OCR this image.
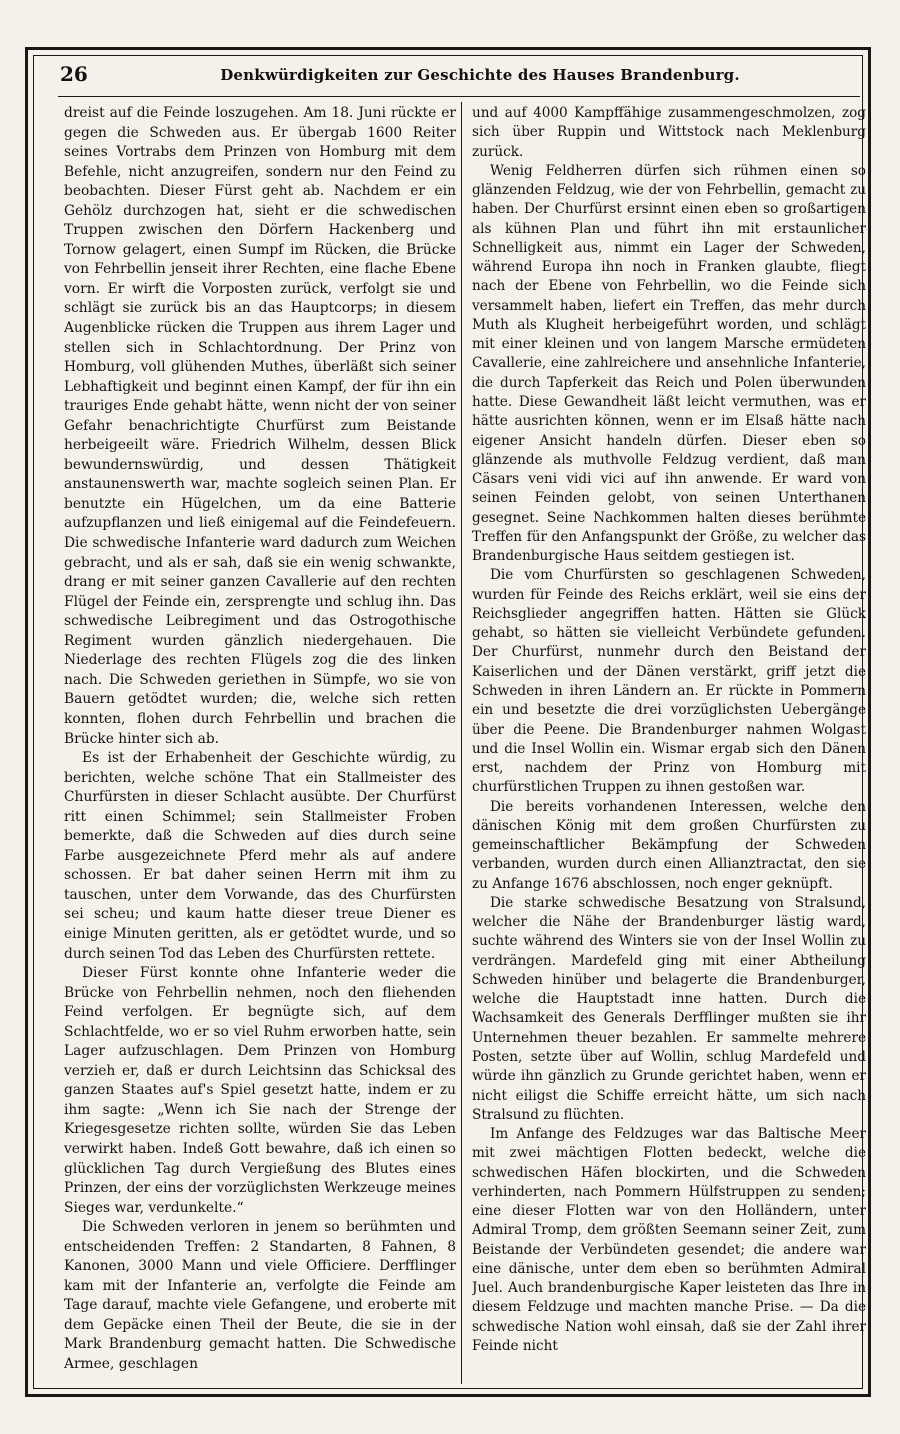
26	Denkwürdigkeiten zur Geschichte des Hauses Brandenburg.

dreist auf die Feinde loszugehen. Am 18. Juni rückte er gegen die Schweden aus. Er übergab 1600 Reiter seines Vortrabs dem Prinzen von Homburg mit dem Befehle, nicht anzugreifen, sondern nur den Feind zu beobachten. Dieser Fürst geht ab. Nachdem er ein Gehölz durchzogen hat, sieht er die schwedischen Truppen zwischen den Dörfern Hackenberg und Tornow gelagert, einen Sumpf im Rücken, die Brücke von Fehrbellin jenseit ihrer Rechten, eine flache Ebene vorn. Er wirft die Vorposten zurück, verfolgt sie und schlägt sie zurück bis an das Hauptcorps; in diesem Augenblicke rücken die Truppen aus ihrem Lager und stellen sich in Schlachtordnung. Der Prinz von Homburg, voll glühenden Muthes, überläßt sich seiner Lebhaftigkeit und beginnt einen Kampf, der für ihn ein trauriges Ende gehabt hätte, wenn nicht der von seiner Gefahr benachrichtigte Churfürst zum Beistande herbeigeeilt wäre. Friedrich Wilhelm, dessen Blick bewundernswürdig, und dessen Thätigkeit anstaunenswerth war, machte sogleich seinen Plan. Er benutzte ein Hügelchen, um da eine Batterie aufzupflanzen und ließ einigemal auf die Feindefeuern. Die schwedische Infanterie ward dadurch zum Weichen gebracht, und als er sah, daß sie ein wenig schwankte, drang er mit seiner ganzen Cavallerie auf den rechten Flügel der Feinde ein, zersprengte und schlug ihn. Das schwedische Leibregiment und das Ostrogothische Regiment wurden gänzlich niedergehauen. Die Niederlage des rechten Flügels zog die des linken nach. Die Schweden geriethen in Sümpfe, wo sie von Bauern getödtet wurden; die, welche sich retten konnten, flohen durch Fehrbellin und brachen die Brücke hinter sich ab.

Es ist der Erhabenheit der Geschichte würdig, zu berichten, welche schöne That ein Stallmeister des Churfürsten in dieser Schlacht ausübte. Der Churfürst ritt einen Schimmel; sein Stallmeister Froben bemerkte, daß die Schweden auf dies durch seine Farbe ausgezeichnete Pferd mehr als auf andere schossen. Er bat daher seinen Herrn mit ihm zu tauschen, unter dem Vorwande, das des Churfürsten sei scheu; und kaum hatte dieser treue Diener es einige Minuten geritten, als er getödtet wurde, und so durch seinen Tod das Leben des Churfürsten rettete.

Dieser Fürst konnte ohne Infanterie weder die Brücke von Fehrbellin nehmen, noch den fliehenden Feind verfolgen. Er begnügte sich, auf dem Schlachtfelde, wo er so viel Ruhm erworben hatte, sein Lager aufzuschlagen. Dem Prinzen von Homburg verzieh er, daß er durch Leichtsinn das Schicksal des ganzen Staates auf's Spiel gesetzt hatte, indem er zu ihm sagte: „Wenn ich Sie nach der Strenge der Kriegesgesetze richten sollte, würden Sie das Leben verwirkt haben. Indeß Gott bewahre, daß ich einen so glücklichen Tag durch Vergießung des Blutes eines Prinzen, der eins der vorzüglichsten Werkzeuge meines Sieges war, verdunkelte.“

Die Schweden verloren in jenem so berühmten und entscheidenden Treffen: 2 Standarten, 8 Fahnen, 8 Kanonen, 3000 Mann und viele Officiere. Derfflinger kam mit der Infanterie an, verfolgte die Feinde am Tage darauf, machte viele Gefangene, und eroberte mit dem Gepäcke einen Theil der Beute, die sie in der Mark Brandenburg gemacht hatten. Die Schwedische Armee, geschlagen

und auf 4000 Kampffähige zusammengeschmolzen, zog sich über Ruppin und Wittstock nach Meklenburg zurück.

Wenig Feldherren dürfen sich rühmen einen so glänzenden Feldzug, wie der von Fehrbellin, gemacht zu haben. Der Churfürst ersinnt einen eben so großartigen als kühnen Plan und führt ihn mit erstaunlicher Schnelligkeit aus, nimmt ein Lager der Schweden, während Europa ihn noch in Franken glaubte, fliegt nach der Ebene von Fehrbellin, wo die Feinde sich versammelt haben, liefert ein Treffen, das mehr durch Muth als Klugheit herbeigeführt worden, und schlägt mit einer kleinen und von langem Marsche ermüdeten Cavallerie, eine zahlreichere und ansehnliche Infanterie, die durch Tapferkeit das Reich und Polen überwunden hatte. Diese Gewandheit läßt leicht vermuthen, was er hätte ausrichten können, wenn er im Elsaß hätte nach eigener Ansicht handeln dürfen. Dieser eben so glänzende als muthvolle Feldzug verdient, daß man Cäsars veni vidi vici auf ihn anwende. Er ward von seinen Feinden gelobt, von seinen Unterthanen gesegnet. Seine Nachkommen halten dieses berühmte Treffen für den Anfangspunkt der Größe, zu welcher das Brandenburgische Haus seitdem gestiegen ist.

Die vom Churfürsten so geschlagenen Schweden, wurden für Feinde des Reichs erklärt, weil sie eins der Reichsglieder angegriffen hatten. Hätten sie Glück gehabt, so hätten sie vielleicht Verbündete gefunden. Der Churfürst, nunmehr durch den Beistand der Kaiserlichen und der Dänen verstärkt, griff jetzt die Schweden in ihren Ländern an. Er rückte in Pommern ein und besetzte die drei vorzüglichsten Uebergänge über die Peene. Die Brandenburger nahmen Wolgast und die Insel Wollin ein. Wismar ergab sich den Dänen erst, nachdem der Prinz von Homburg mit churfürstlichen Truppen zu ihnen gestoßen war.

Die bereits vorhandenen Interessen, welche den dänischen König mit dem großen Churfürsten zu gemeinschaftlicher Bekämpfung der Schweden verbanden, wurden durch einen Allianztractat, den sie zu Anfange 1676 abschlossen, noch enger geknüpft.

Die starke schwedische Besatzung von Stralsund, welcher die Nähe der Brandenburger lästig ward, suchte während des Winters sie von der Insel Wollin zu verdrängen. Mardefeld ging mit einer Abtheilung Schweden hinüber und belagerte die Brandenburger, welche die Hauptstadt inne hatten. Durch die Wachsamkeit des Generals Derfflinger mußten sie ihr Unternehmen theuer bezahlen. Er sammelte mehrere Posten, setzte über auf Wollin, schlug Mardefeld und würde ihn gänzlich zu Grunde gerichtet haben, wenn er nicht eiligst die Schiffe erreicht hätte, um sich nach Stralsund zu flüchten.

Im Anfange des Feldzuges war das Baltische Meer mit zwei mächtigen Flotten bedeckt, welche die schwedischen Häfen blockirten, und die Schweden verhinderten, nach Pommern Hülfstruppen zu senden; eine dieser Flotten war von den Holländern, unter Admiral Tromp, dem größten Seemann seiner Zeit, zum Beistande der Verbündeten gesendet; die andere war eine dänische, unter dem eben so berühmten Admiral Juel. Auch brandenburgische Kaper leisteten das Ihre in diesem Feldzuge und machten manche Prise. — Da die schwedische Nation wohl einsah, daß sie der Zahl ihrer Feinde nicht
